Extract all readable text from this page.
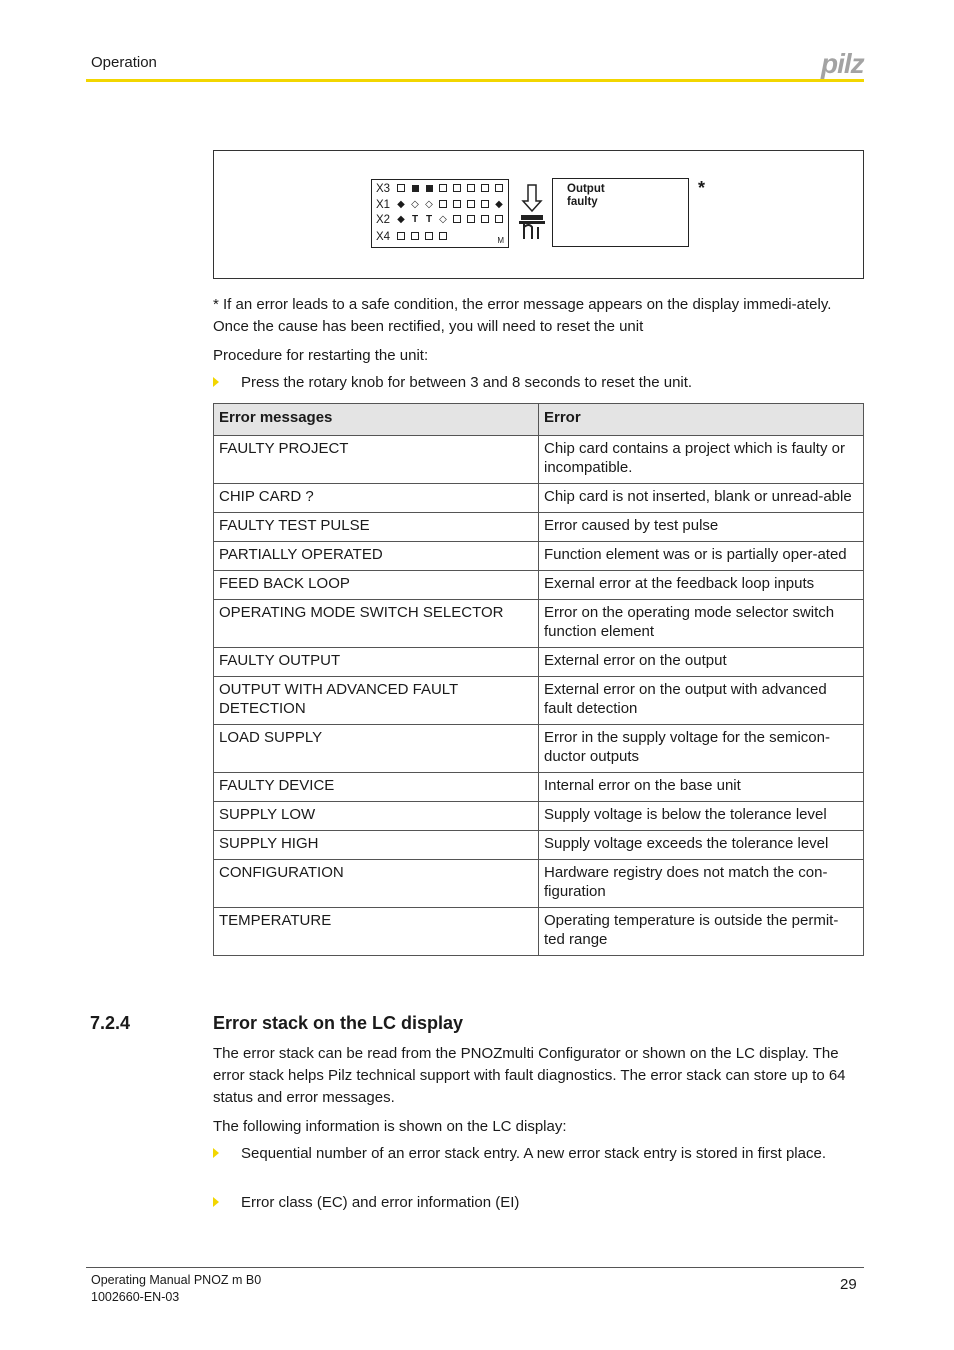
Operation	pilz
M
X3
X1 ◆ ◇ ◇	◆
X2 ◆ T T ◇
X4
Output
faulty
*
* If an error leads to a safe condition, the error message appears on the display immedi-ately. Once the cause has been rectified, you will need to reset the unit
Procedure for restarting the unit:
Press the rotary knob for between 3 and 8 seconds to reset the unit.
Error messages	Error
FAULTY PROJECT	Chip card contains a project which is faulty or incompatible.
CHIP CARD ?	Chip card is not inserted, blank or unread-able
FAULTY TEST PULSE	Error caused by test pulse
PARTIALLY OPERATED	Function element was or is partially oper-ated
FEED BACK LOOP	Exernal error at the feedback loop inputs
OPERATING MODE SWITCH SELECTOR	Error on the operating mode selector switch function element
FAULTY OUTPUT	External error on the output
OUTPUT WITH ADVANCED FAULT DETECTION	External error on the output with advanced fault detection
LOAD SUPPLY	Error in the supply voltage for the semicon-ductor outputs
FAULTY DEVICE	Internal error on the base unit
SUPPLY LOW	Supply voltage is below the tolerance level
SUPPLY HIGH	Supply voltage exceeds the tolerance level
CONFIGURATION	Hardware registry does not match the con-figuration
TEMPERATURE	Operating temperature is outside the permit-ted range
7.2.4	Error stack on the LC display
The error stack can be read from the PNOZmulti Configurator or shown on the LC display. The error stack helps Pilz technical support with fault diagnostics. The error stack can store up to 64 status and error messages.
The following information is shown on the LC display:
Sequential number of an error stack entry. A new error stack entry is stored in first place.
Error class (EC) and error information (EI)
Operating Manual PNOZ m B0
1002660-EN-03
29
